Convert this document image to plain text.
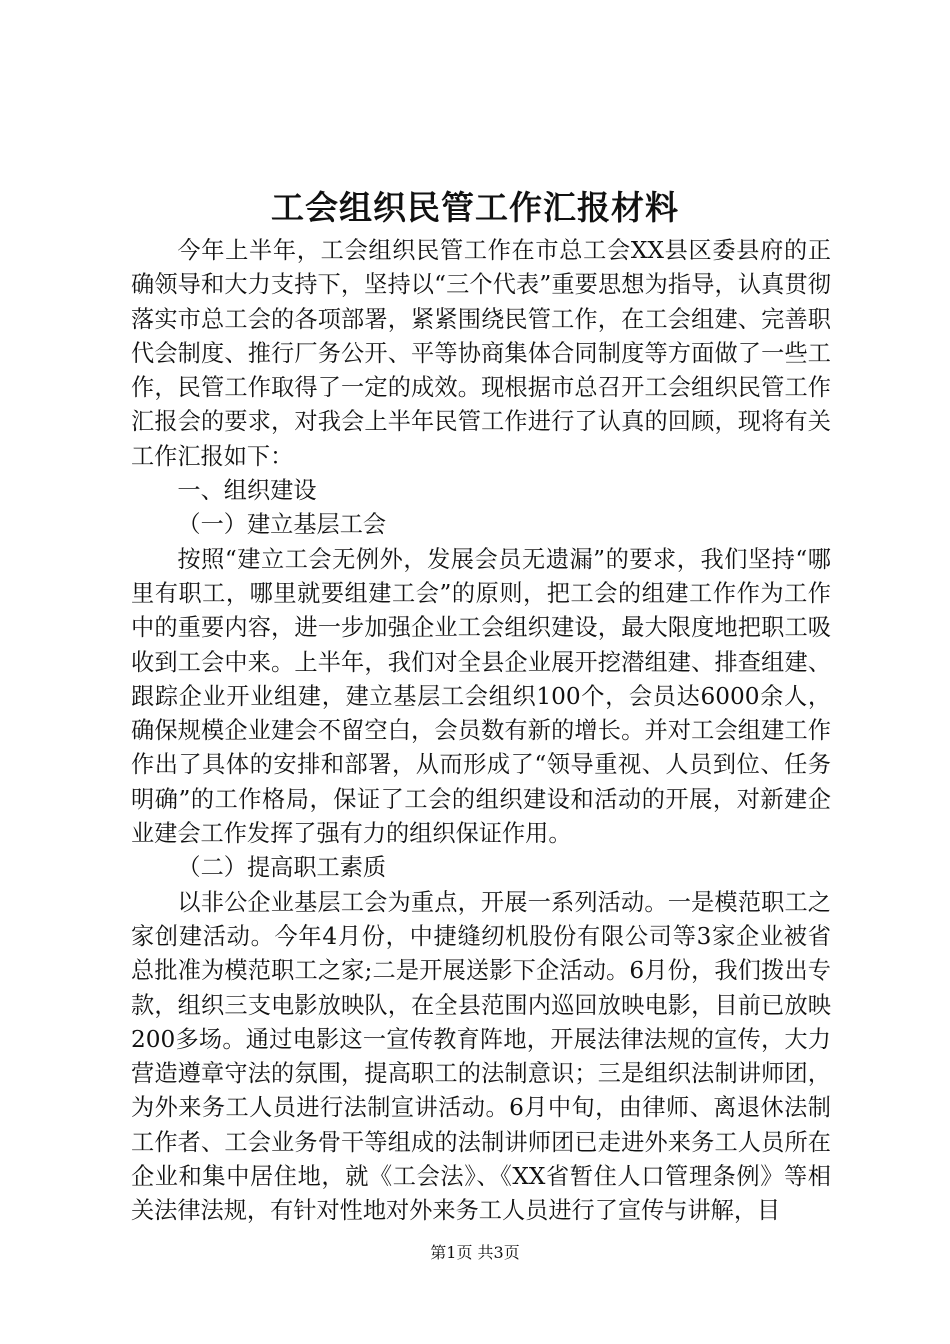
工会组织民管工作汇报材料

今年上半年，工会组织民管工作在市总工会XX县区委县府的正确领导和大力支持下，坚持以“三个代表”重要思想为指导，认真贯彻落实市总工会的各项部署，紧紧围绕民管工作，在工会组建、完善职代会制度、推行厂务公开、平等协商集体合同制度等方面做了一些工作，民管工作取得了一定的成效。现根据市总召开工会组织民管工作汇报会的要求，对我会上半年民管工作进行了认真的回顾，现将有关工作汇报如下：

一、组织建设

（一）建立基层工会

按照“建立工会无例外，发展会员无遗漏”的要求，我们坚持“哪里有职工，哪里就要组建工会”的原则，把工会的组建工作作为工作中的重要内容，进一步加强企业工会组织建设，最大限度地把职工吸收到工会中来。上半年，我们对全县企业展开挖潜组建、排查组建、跟踪企业开业组建，建立基层工会组织100个，会员达6000余人，确保规模企业建会不留空白，会员数有新的增长。并对工会组建工作作出了具体的安排和部署，从而形成了“领导重视、人员到位、任务明确”的工作格局，保证了工会的组织建设和活动的开展，对新建企业建会工作发挥了强有力的组织保证作用。

（二）提高职工素质

以非公企业基层工会为重点，开展一系列活动。一是模范职工之家创建活动。今年4月份，中捷缝纫机股份有限公司等3家企业被省总批准为模范职工之家;二是开展送影下企活动。6月份，我们拨出专款，组织三支电影放映队，在全县范围内巡回放映电影，目前已放映200多场。通过电影这一宣传教育阵地，开展法律法规的宣传，大力营造遵章守法的氛围，提高职工的法制意识；三是组织法制讲师团，为外来务工人员进行法制宣讲活动。6月中旬，由律师、离退休法制工作者、工会业务骨干等组成的法制讲师团已走进外来务工人员所在企业和集中居住地，就《工会法》、《XX省暂住人口管理条例》等相关法律法规，有针对性地对外来务工人员进行了宣传与讲解，目

第1页 共3页
